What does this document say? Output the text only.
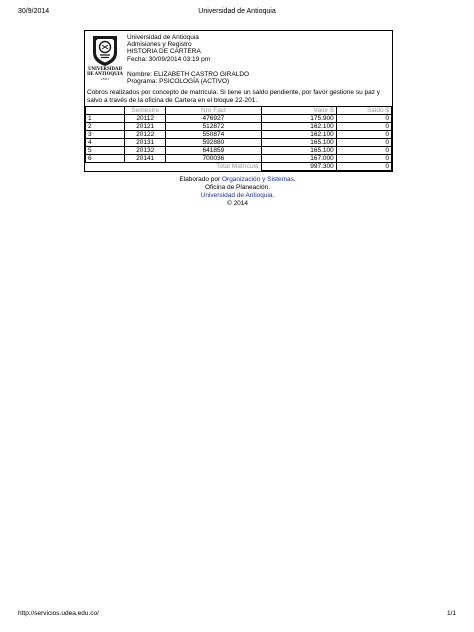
30/9/2014	Universidad de Antioquia
UNIVERSIDAD
DE ANTIOQUIA
1803
Universidad de Antioquia
Admisiones y Registro
HISTORIA DE CARTERA
Fecha: 30/09/2014 03:19 pm
Nombre: ELIZABETH CASTRO GIRALDO
Programa: PSICOLOGÍA (ACTIVO)
Cobros realizados por concepto de matrícula. Si tiene un saldo pendiente, por favor gestione su paz y salvo a través de la oficina de Cartera en el bloque 22-201.
	Semestre	Nro Fact	Valor $	Saldo $
1	20112	476927	175.900	0
2	20121	512872	162.100	0
3	20122	550874	162.100	0
4	20131	592880	165.100	0
5	20132	641859	165.100	0
6	20141	700036	167.000	0
		Total Matrícula	997.300	0
Elaborado por Organización y Sistemas.
Oficina de Planeación.
Universidad de Antioquia.
© 2014
http://servicios.udea.edu.co/	1/1
